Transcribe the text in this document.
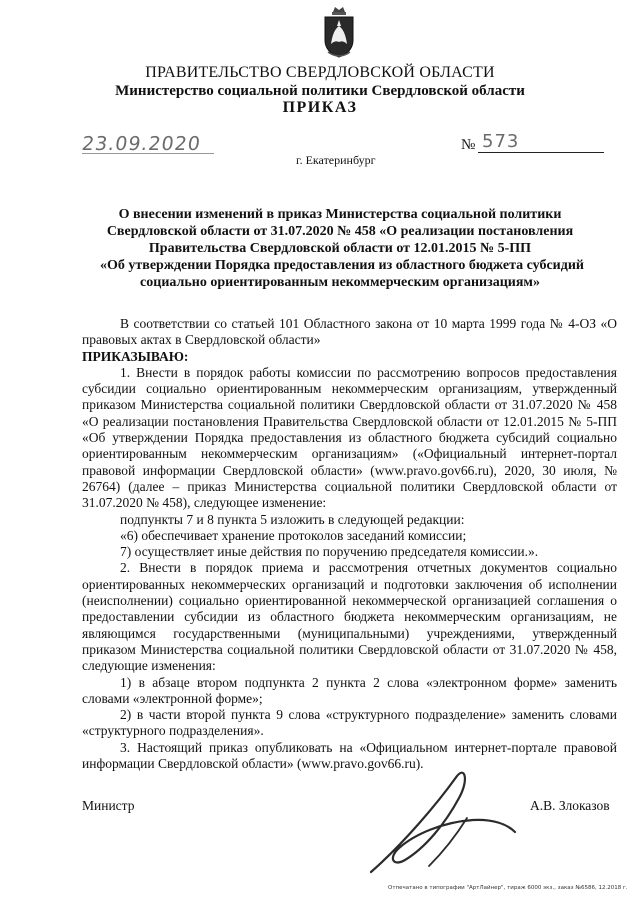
ПРАВИТЕЛЬСТВО СВЕРДЛОВСКОЙ ОБЛАСТИ
Министерство социальной политики Свердловской области
ПРИКАЗ
23.09.2020	№ 573
г. Екатеринбург
О внесении изменений в приказ Министерства социальной политики
Свердловской области от 31.07.2020 № 458 «О реализации постановления
Правительства Свердловской области от 12.01.2015 № 5-ПП
«Об утверждении Порядка предоставления из областного бюджета субсидий
социально ориентированным некоммерческим организациям»

В соответствии со статьей 101 Областного закона от 10 марта 1999 года № 4-ОЗ «О правовых актах в Свердловской области»

ПРИКАЗЫВАЮ:

1. Внести в порядок работы комиссии по рассмотрению вопросов предоставления субсидии социально ориентированным некоммерческим организациям, утвержденный приказом Министерства социальной политики Свердловской области от 31.07.2020 № 458 «О реализации постановления Правительства Свердловской области от 12.01.2015 № 5-ПП «Об утверждении Порядка предоставления из областного бюджета субсидий социально ориентированным некоммерческим организациям» («Официальный интернет-портал правовой информации Свердловской области» (www.pravo.gov66.ru), 2020, 30 июля, № 26764) (далее – приказ Министерства социальной политики Свердловской области от 31.07.2020 № 458), следующее изменение:

подпункты 7 и 8 пункта 5 изложить в следующей редакции:

«6) обеспечивает хранение протоколов заседаний комиссии;

7) осуществляет иные действия по поручению председателя комиссии.».

2. Внести в порядок приема и рассмотрения отчетных документов социально ориентированных некоммерческих организаций и подготовки заключения об исполнении (неисполнении) социально ориентированной некоммерческой организацией соглашения о предоставлении субсидии из областного бюджета некоммерческим организациям, не являющимся государственными (муниципальными) учреждениями, утвержденный приказом Министерства социальной политики Свердловской области от 31.07.2020 № 458, следующие изменения:

1) в абзаце втором подпункта 2 пункта 2 слова «электронном форме» заменить словами «электронной форме»;

2) в части второй пункта 9 слова «структурного подразделение» заменить словами «структурного подразделения».

3. Настоящий приказ опубликовать на «Официальном интернет-портале правовой информации Свердловской области» (www.pravo.gov66.ru).

Министр	А.В. Злоказов
Отпечатано в типографии "АртЛайнер", тираж 6000 экз., заказ №6586, 12.2018 г.
